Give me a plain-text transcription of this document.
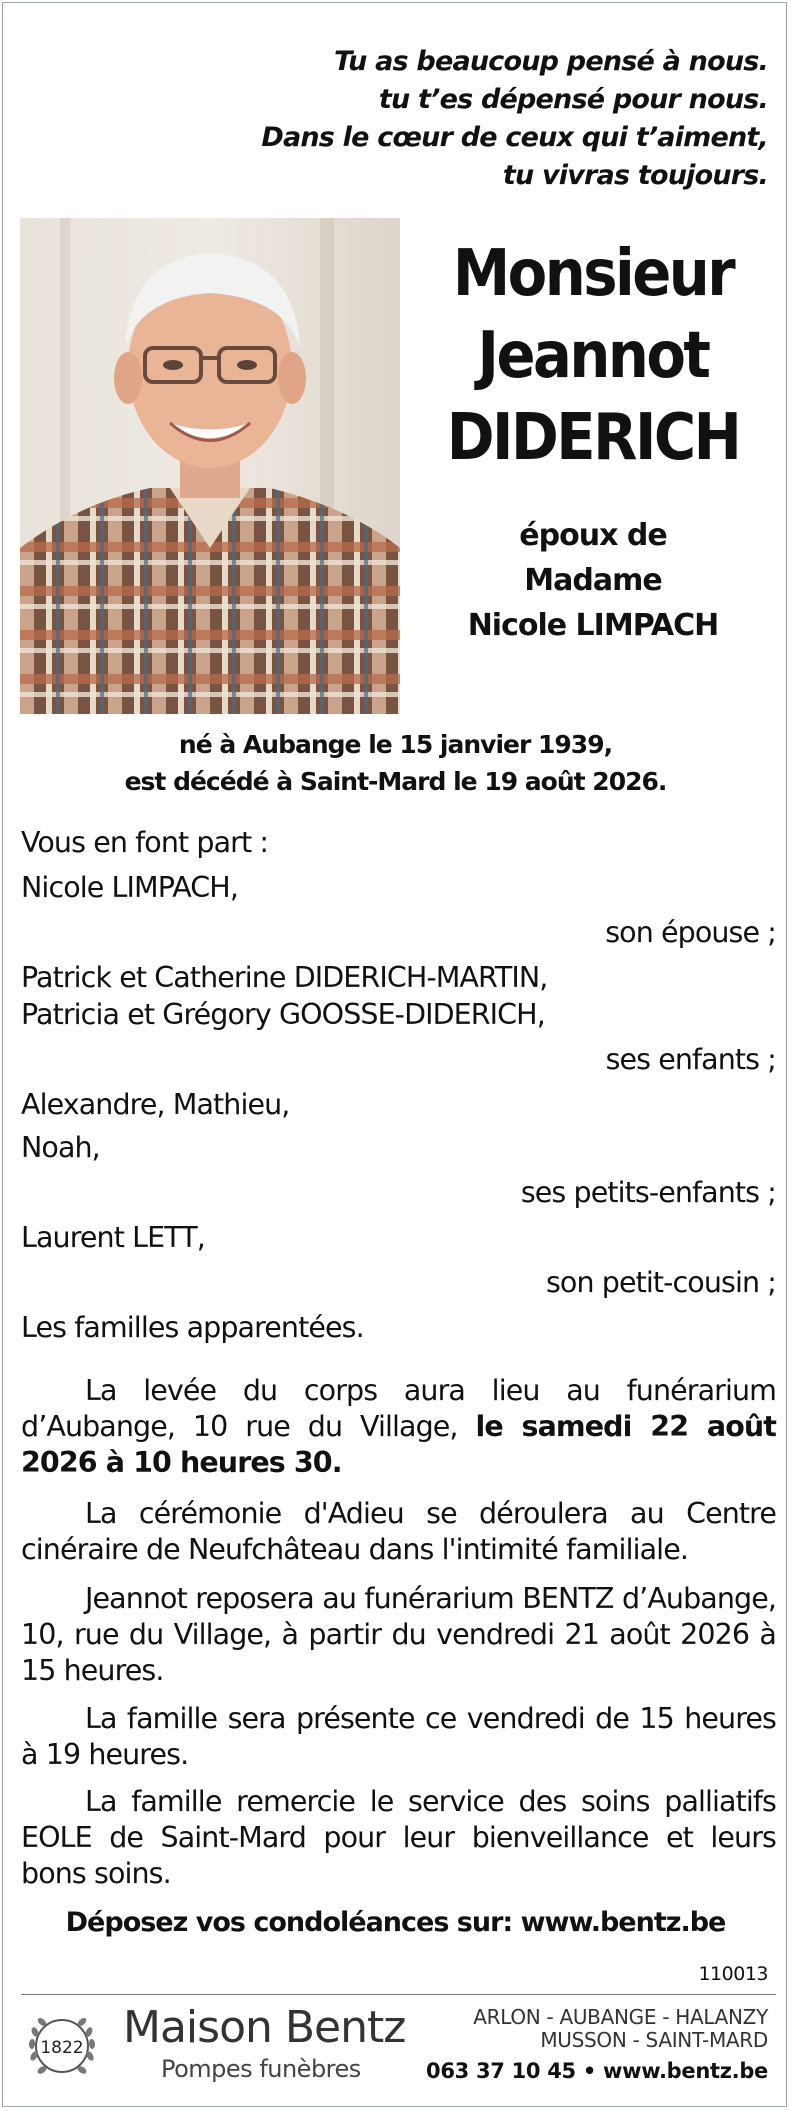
Tu as beaucoup pensé à nous.
tu t’es dépensé pour nous.
Dans le cœur de ceux qui t’aiment,
tu vivras toujours.
Monsieur
Jeannot
DIDERICH
époux de
Madame
Nicole LIMPACH
né à Aubange le 15 janvier 1939,
est décédé à Saint-Mard le 19 août 2026.
Vous en font part :
Nicole LIMPACH,
son épouse ;
Patrick et Catherine DIDERICH-MARTIN,
Patricia et Grégory GOOSSE-DIDERICH,
ses enfants ;
Alexandre, Mathieu,
Noah,
ses petits-enfants ;
Laurent LETT,
son petit-cousin ;
Les familles apparentées.
La levée du corps aura lieu au funérarium d’Aubange, 10 rue du Village, le samedi 22 août 2026 à 10 heures 30.
La cérémonie d'Adieu se déroulera au Centre cinéraire de Neufchâteau dans l'intimité familiale.
Jeannot reposera au funérarium BENTZ d’Aubange, 10, rue du Village, à partir du vendredi 21 août 2026 à 15 heures.
La famille sera présente ce vendredi de 15 heures à 19 heures.
La famille remercie le service des soins palliatifs EOLE de Saint-Mard pour leur bienveillance et leurs bons soins.
Déposez vos condoléances sur: www.bentz.be
110013
1822 Maison Bentz
Pompes funèbres
ARLON - AUBANGE - HALANZY
MUSSON - SAINT-MARD
063 37 10 45 • www.bentz.be
